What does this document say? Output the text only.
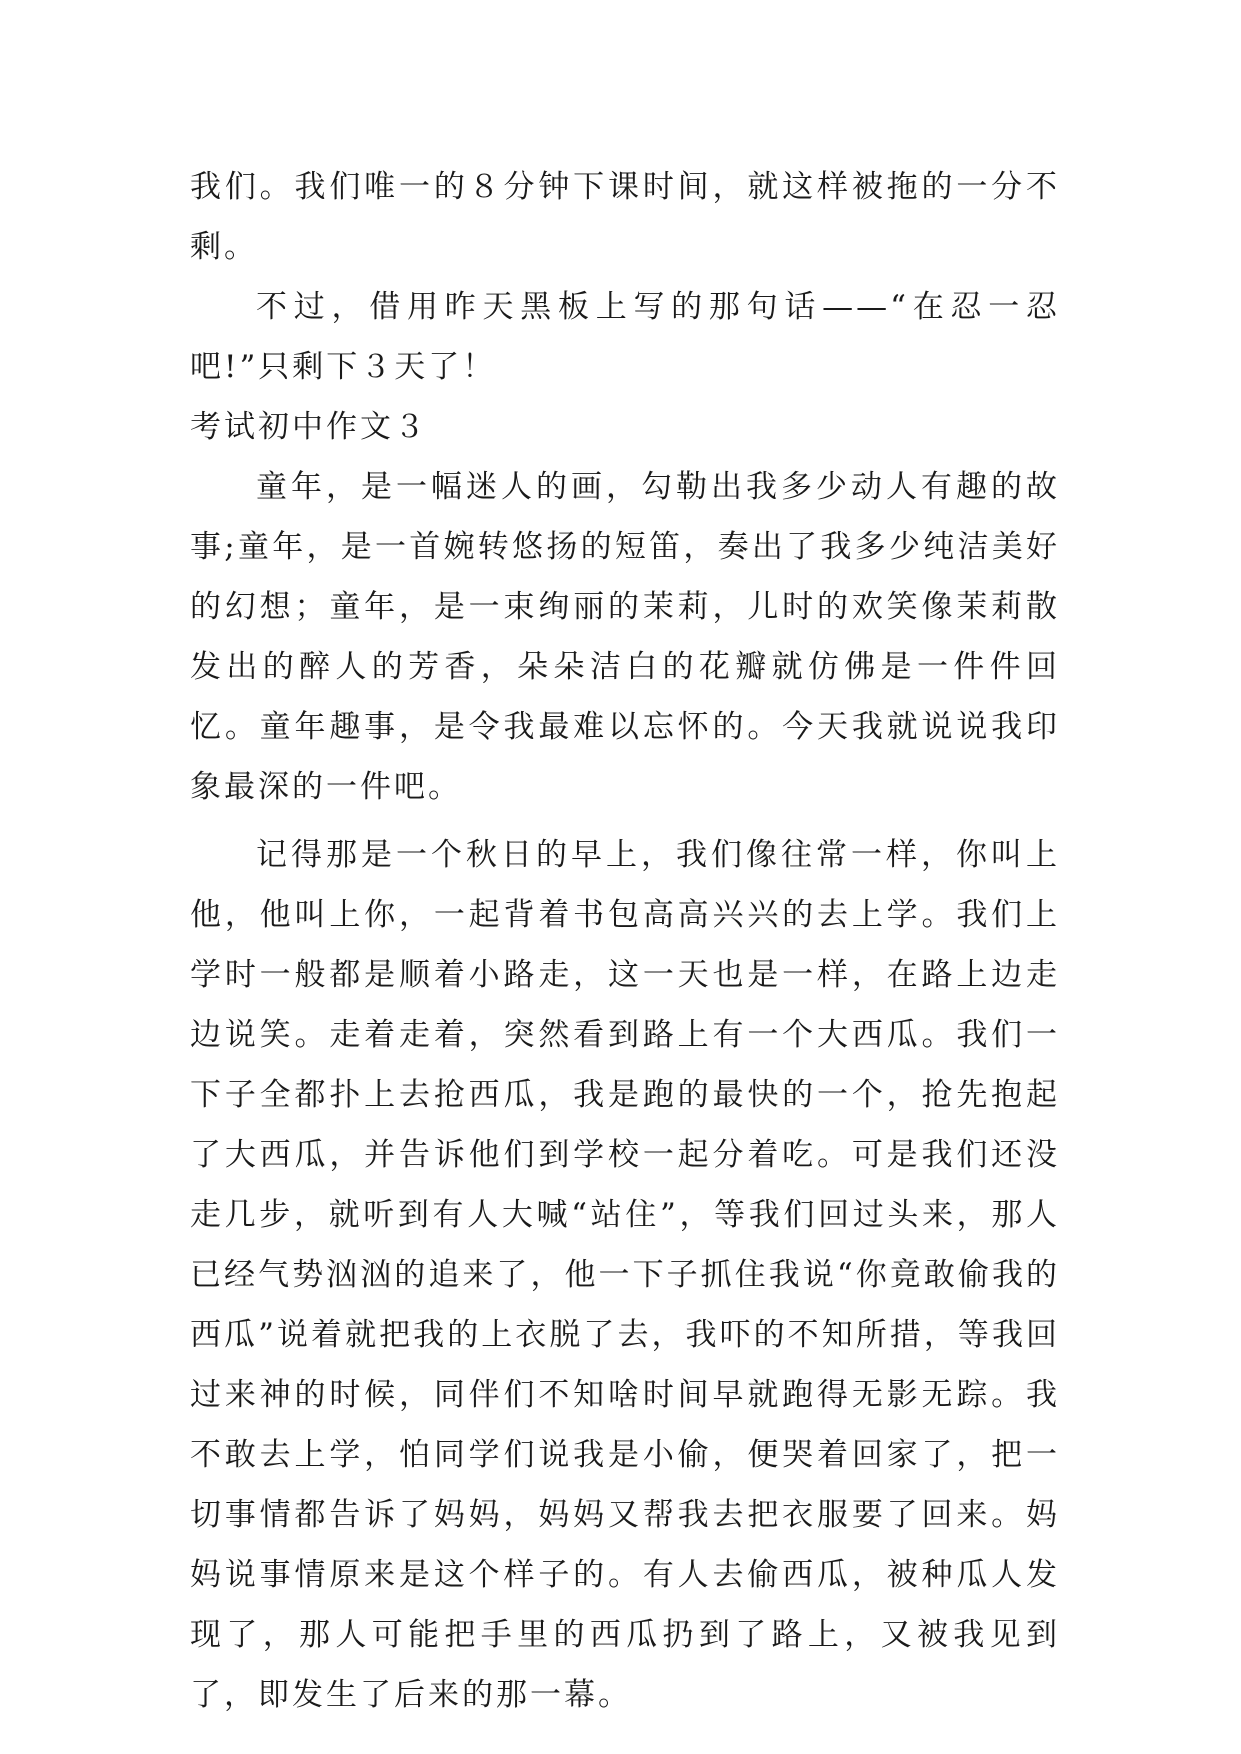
我们。我们唯一的８分钟下课时间，就这样被拖的一分不剩。

不过，借用昨天黑板上写的那句话——“在忍一忍吧!”只剩下３天了！

考试初中作文３

童年，是一幅迷人的画，勾勒出我多少动人有趣的故事;童年，是一首婉转悠扬的短笛，奏出了我多少纯洁美好的幻想；童年，是一束绚丽的茉莉，儿时的欢笑像茉莉散发出的醉人的芳香，朵朵洁白的花瓣就仿佛是一件件回忆。童年趣事，是令我最难以忘怀的。今天我就说说我印象最深的一件吧。

记得那是一个秋日的早上，我们像往常一样，你叫上他，他叫上你，一起背着书包高高兴兴的去上学。我们上学时一般都是顺着小路走，这一天也是一样，在路上边走边说笑。走着走着，突然看到路上有一个大西瓜。我们一下子全都扑上去抢西瓜，我是跑的最快的一个，抢先抱起了大西瓜，并告诉他们到学校一起分着吃。可是我们还没走几步，就听到有人大喊“站住”，等我们回过头来，那人已经气势汹汹的追来了，他一下子抓住我说“你竟敢偷我的西瓜”说着就把我的上衣脱了去，我吓的不知所措，等我回过来神的时候，同伴们不知啥时间早就跑得无影无踪。我不敢去上学，怕同学们说我是小偷，便哭着回家了，把一切事情都告诉了妈妈，妈妈又帮我去把衣服要了回来。妈妈说事情原来是这个样子的。有人去偷西瓜，被种瓜人发现了，那人可能把手里的西瓜扔到了路上，又被我见到了，即发生了后来的那一幕。
